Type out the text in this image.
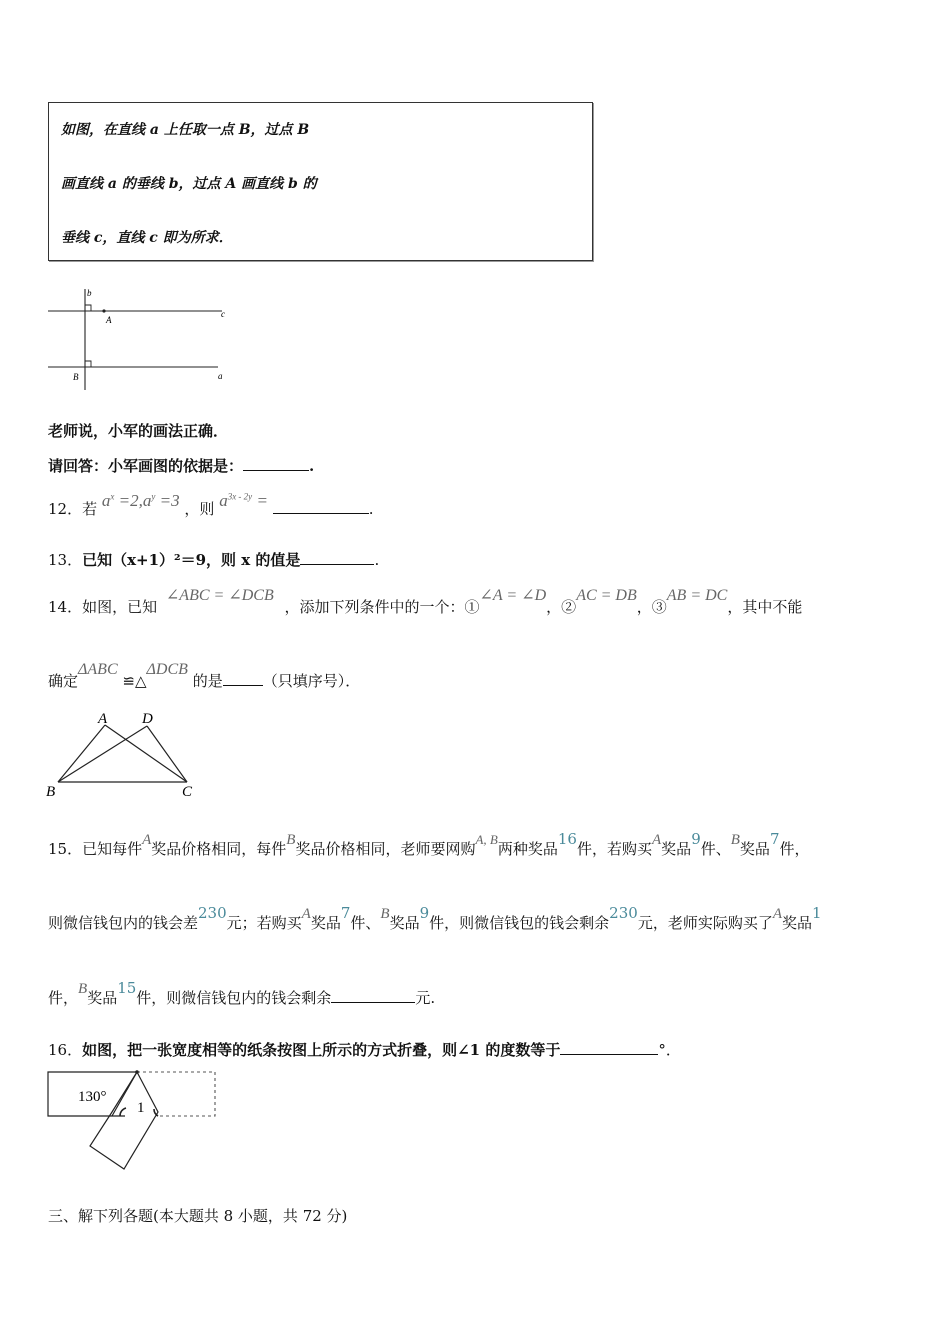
如图，在直线 a 上任取一点 B，过点 B
画直线 a 的垂线 b，过点 A 画直线 b 的
垂线 c，直线 c 即为所求．
b
A
c
B	a
老师说，小军的画法正确．
请回答：小军画图的依据是：	.
12．若 $a^x =2,a^y =3$ ，则 $a^{3x - 2y}$ =	.
13．已知（x+1）²＝9，则 x 的值是	.
14．如图，已知 ∠ABC = ∠DCB ，添加下列条件中的一个：①∠A = ∠D，②AC = DB，③AB = DC，其中不能
确定ΔABC ≌△ΔDCB 的是	（只填序号）．
A D
B	C
15．已知每件A奖品价格相同，每件B奖品价格相同，老师要网购A, B两种奖品16件，若购买A奖品9件、B奖品7件，
则微信钱包内的钱会差230元；若购买A奖品7件、B奖品9件，则微信钱包的钱会剩余230元，老师实际购买了A奖品1
件，B奖品15件，则微信钱包内的钱会剩余	元.
16．如图，把一张宽度相等的纸条按图上所示的方式折叠，则∠1 的度数等于	°．
130°
1
三、解下列各题(本大题共 8 小题，共 72 分)
